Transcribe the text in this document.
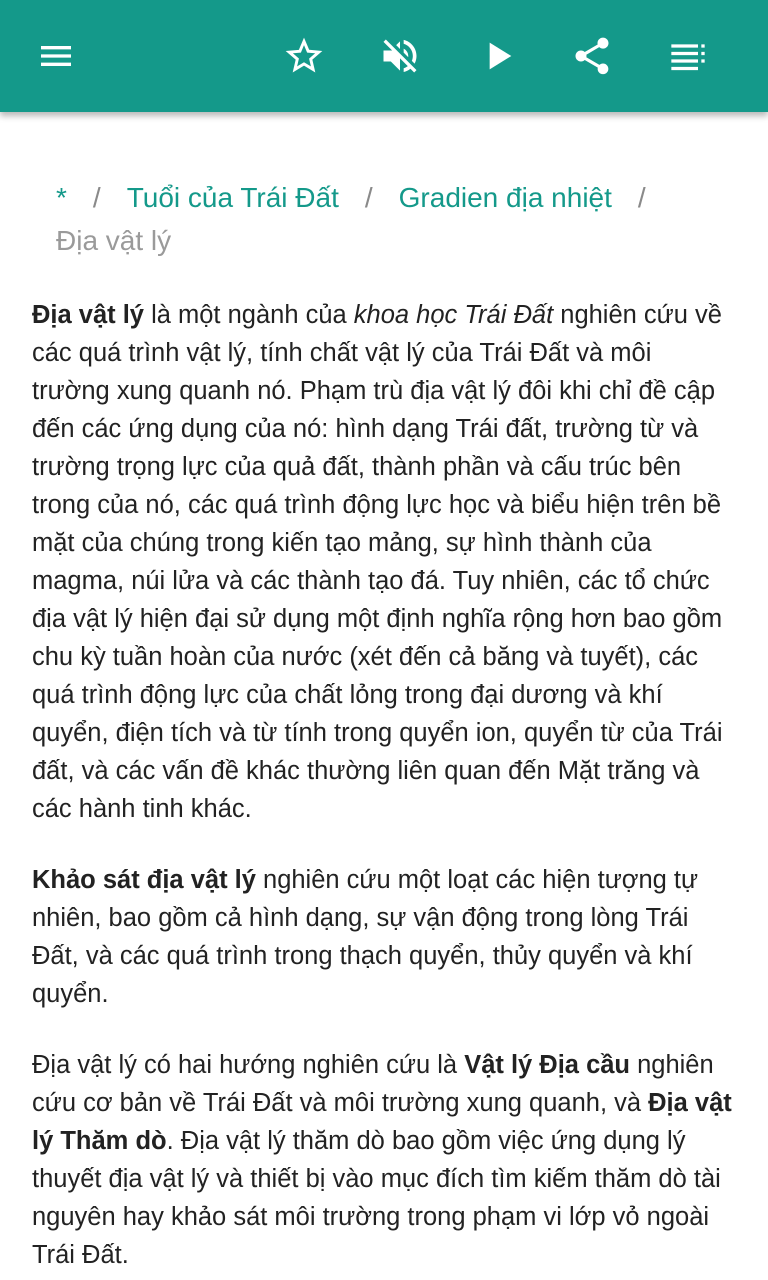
* / Tuổi của Trái Đất / Gradien địa nhiệt /
Địa vật lý

Địa vật lý là một ngành của khoa học Trái Đất nghiên cứu về các quá trình vật lý, tính chất vật lý của Trái Đất và môi trường xung quanh nó. Phạm trù địa vật lý đôi khi chỉ đề cập đến các ứng dụng của nó: hình dạng Trái đất, trường từ và trường trọng lực của quả đất, thành phần và cấu trúc bên trong của nó, các quá trình động lực học và biểu hiện trên bề mặt của chúng trong kiến tạo mảng, sự hình thành của magma, núi lửa và các thành tạo đá. Tuy nhiên, các tổ chức địa vật lý hiện đại sử dụng một định nghĩa rộng hơn bao gồm chu kỳ tuần hoàn của nước (xét đến cả băng và tuyết), các quá trình động lực của chất lỏng trong đại dương và khí quyển, điện tích và từ tính trong quyển ion, quyển từ của Trái đất, và các vấn đề khác thường liên quan đến Mặt trăng và các hành tinh khác.

Khảo sát địa vật lý nghiên cứu một loạt các hiện tượng tự nhiên, bao gồm cả hình dạng, sự vận động trong lòng Trái Đất, và các quá trình trong thạch quyển, thủy quyển và khí quyển.

Địa vật lý có hai hướng nghiên cứu là Vật lý Địa cầu nghiên cứu cơ bản về Trái Đất và môi trường xung quanh, và Địa vật lý Thăm dò. Địa vật lý thăm dò bao gồm việc ứng dụng lý thuyết địa vật lý và thiết bị vào mục đích tìm kiếm thăm dò tài nguyên hay khảo sát môi trường trong phạm vi lớp vỏ ngoài Trái Đất.
